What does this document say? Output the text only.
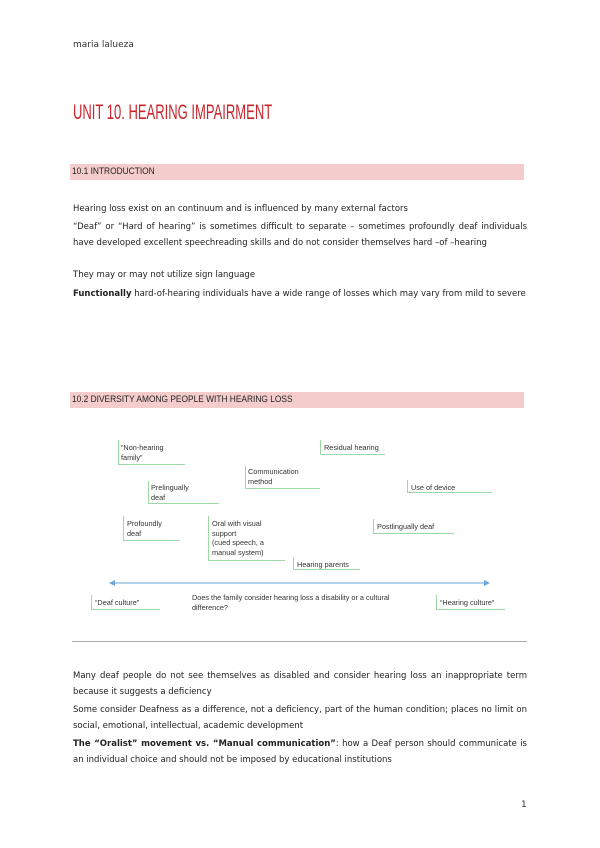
maria lalueza
UNIT 10. HEARING IMPAIRMENT
10.1 INTRODUCTION

Hearing loss exist on an continuum and is influenced by many external factors

“Deaf” or “Hard of hearing” is sometimes difficult to separate – sometimes profoundly deaf individuals have developed excellent speechreading skills and do not consider themselves hard –of –hearing

They may or may not utilize sign language

Functionally hard-of-hearing individuals have a wide range of losses which may vary from mild to severe

10.2 DIVERSITY AMONG PEOPLE WITH HEARING LOSS
“Non-hearing
family”
Residual hearing
Communication
method
Prelingually
deaf
Use of device
Profoundly
deaf
Oral with visual
support
(cued speech, a
manual system)
Postlingually deaf
Hearing parents
“Deaf culture”
Does the family consider hearing loss a disability or a cultural
difference?	“Hearing culture”

Many deaf people do not see themselves as disabled and consider hearing loss an inappropriate term because it suggests a deficiency

Some consider Deafness as a difference, not a deficiency, part of the human condition; places no limit on social, emotional, intellectual, academic development

The “Oralist” movement vs. “Manual communication”: how a Deaf person should communicate is an individual choice and should not be imposed by educational institutions

1
